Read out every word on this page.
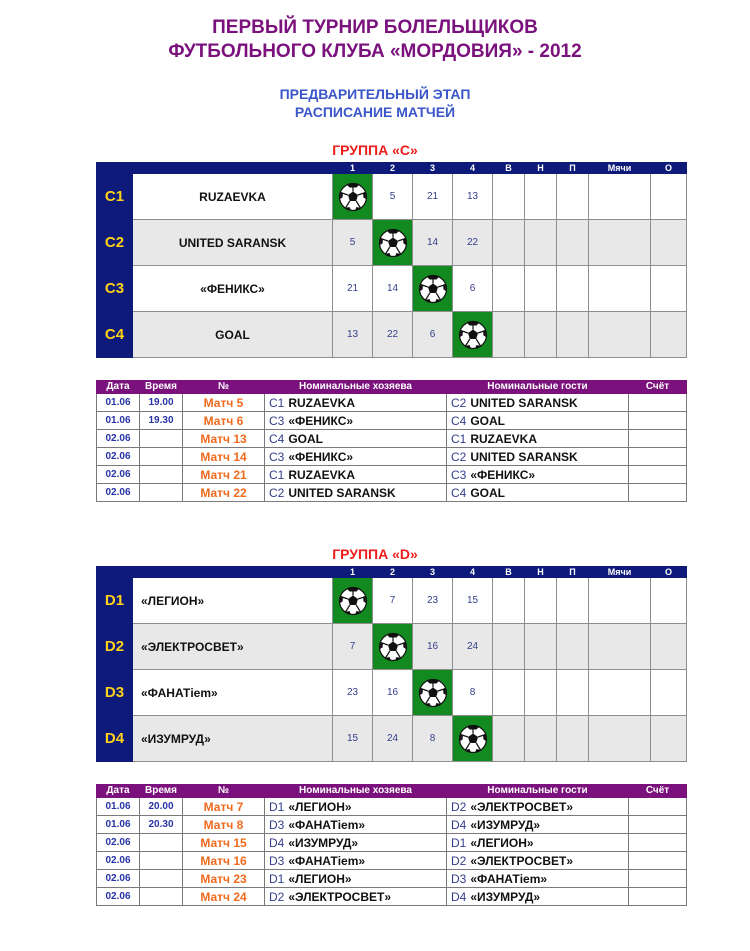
ПЕРВЫЙ ТУРНИР БОЛЕЛЬЩИКОВ
ФУТБОЛЬНОГО КЛУБА «МОРДОВИЯ» - 2012
ПРЕДВАРИТЕЛЬНЫЙ ЭТАП
РАСПИСАНИЕ МАТЧЕЙ
ГРУППА «С»
		1	2	3	4	В	Н	П	Мячи	О
C1	RUZAEVKA		5	21	13					
C2	UNITED SARANSK	5		14	22					
C3	«ФЕНИКС»	21	14		6					
C4	GOAL	13	22	6	

Дата	Время	№	Номинальные хозяева	Номинальные гости	Счёт
01.06	19.00	Матч 5	C1 RUZAEVKA	C2 UNITED SARANSK	
01.06	19.30	Матч 6	C3 «ФЕНИКС»	C4 GOAL	
02.06		Матч 13	C4 GOAL	C1 RUZAEVKA	
02.06		Матч 14	C3 «ФЕНИКС»	C2 UNITED SARANSK	
02.06		Матч 21	C1 RUZAEVKA	C3 «ФЕНИКС»	
02.06		Матч 22	C2 UNITED SARANSK	C4 GOAL	
ГРУППА «D»
		1	2	3	4	В	Н	П	Мячи	О
D1	«ЛЕГИОН»		7	23	15					
D2	«ЭЛЕКТРОСВЕТ»	7		16	24					
D3	«ФАНАТiem»	23	16		8					
D4	«ИЗУМРУД»	15	24	8	

Дата	Время	№	Номинальные хозяева	Номинальные гости	Счёт
01.06	20.00	Матч 7	D1 «ЛЕГИОН»	D2 «ЭЛЕКТРОСВЕТ»	
01.06	20.30	Матч 8	D3 «ФАНАТiem»	D4 «ИЗУМРУД»	
02.06		Матч 15	D4 «ИЗУМРУД»	D1 «ЛЕГИОН»	
02.06		Матч 16	D3 «ФАНАТiem»	D2 «ЭЛЕКТРОСВЕТ»	
02.06		Матч 23	D1 «ЛЕГИОН»	D3 «ФАНАТiem»	
02.06		Матч 24	D2 «ЭЛЕКТРОСВЕТ»	D4 «ИЗУМРУД»	
